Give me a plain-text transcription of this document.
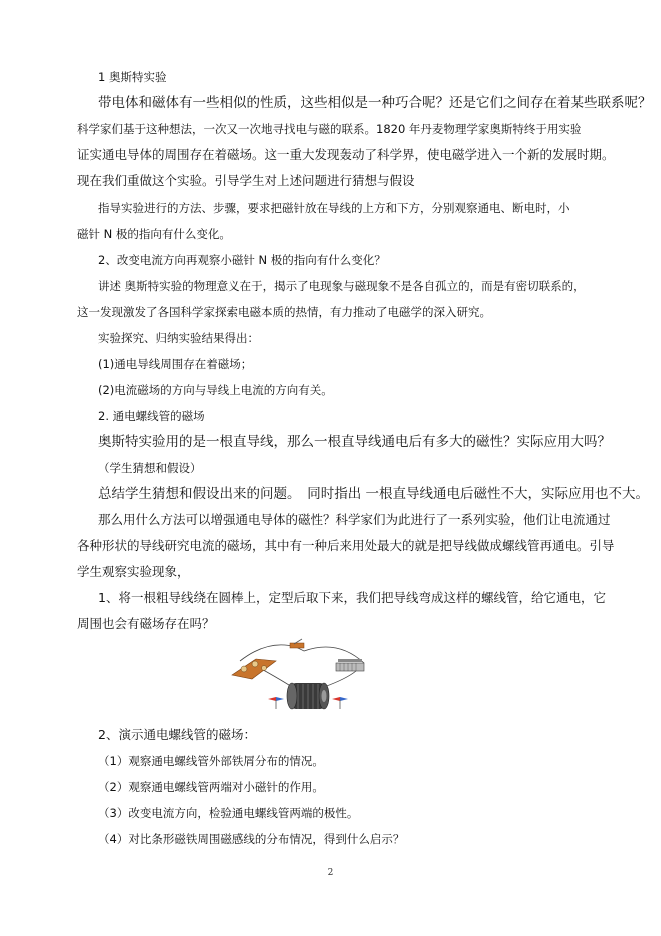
1 奥斯特实验
带电体和磁体有一些相似的性质，这些相似是一种巧合呢？还是它们之间存在着某些联系呢？
科学家们基于这种想法，一次又一次地寻找电与磁的联系。1820 年丹麦物理学家奥斯特终于用实验
证实通电导体的周围存在着磁场。这一重大发现轰动了科学界，使电磁学进入一个新的发展时期。
现在我们重做这个实验。引导学生对上述问题进行猜想与假设
指导实验进行的方法、步骤，要求把磁针放在导线的上方和下方，分别观察通电、断电时，小
磁针 N 极的指向有什么变化。
2、改变电流方向再观察小磁针 N 极的指向有什么变化？
讲述 奥斯特实验的物理意义在于，揭示了电现象与磁现象不是各自孤立的，而是有密切联系的，
这一发现激发了各国科学家探索电磁本质的热情，有力推动了电磁学的深入研究。
实验探究、归纳实验结果得出：
(1)通电导线周围存在着磁场；
(2)电流磁场的方向与导线上电流的方向有关。
2. 通电螺线管的磁场
奥斯特实验用的是一根直导线，那么一根直导线通电后有多大的磁性？实际应用大吗？
（学生猜想和假设）
总结学生猜想和假设出来的问题。　同时指出 一根直导线通电后磁性不大，实际应用也不大。
那么用什么方法可以增强通电导体的磁性？科学家们为此进行了一系列实验，他们让电流通过
各种形状的导线研究电流的磁场，其中有一种后来用处最大的就是把导线做成螺线管再通电。引导
学生观察实验现象，
1、将一根粗导线绕在圆棒上，定型后取下来，我们把导线弯成这样的螺线管，给它通电，它
周围也会有磁场存在吗？
2、演示通电螺线管的磁场：
（1）观察通电螺线管外部铁屑分布的情况。
（2）观察通电螺线管两端对小磁针的作用。
（3）改变电流方向，检验通电螺线管两端的极性。
（4）对比条形磁铁周围磁感线的分布情况，得到什么启示？
2
